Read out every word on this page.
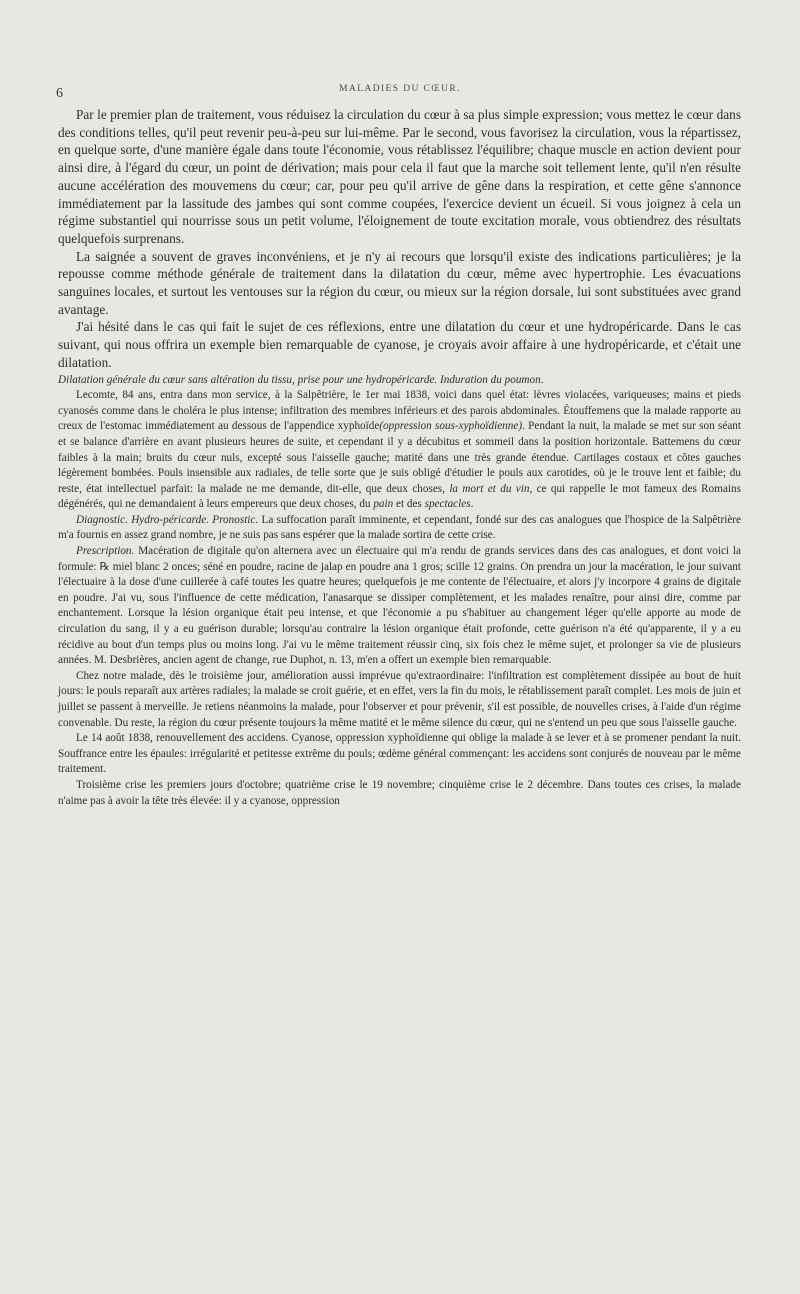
6	MALADIES DU CŒUR.

Par le premier plan de traitement, vous réduisez la circulation du cœur à sa plus simple expression; vous mettez le cœur dans des conditions telles, qu'il peut revenir peu-à-peu sur lui-même. Par le second, vous favorisez la circulation, vous la répartissez, en quelque sorte, d'une manière égale dans toute l'économie, vous rétablissez l'équilibre; chaque muscle en action devient pour ainsi dire, à l'égard du cœur, un point de dérivation; mais pour cela il faut que la marche soit tellement lente, qu'il n'en résulte aucune accélération des mouvemens du cœur; car, pour peu qu'il arrive de gêne dans la respiration, et cette gêne s'annonce immédiatement par la lassitude des jambes qui sont comme coupées, l'exercice devient un écueil. Si vous joignez à cela un régime substantiel qui nourrisse sous un petit volume, l'éloignement de toute excitation morale, vous obtiendrez des résultats quelquefois surprenans.

La saignée a souvent de graves inconvéniens, et je n'y ai recours que lorsqu'il existe des indications particulières; je la repousse comme méthode générale de traitement dans la dilatation du cœur, même avec hypertrophie. Les évacuations sanguines locales, et surtout les ventouses sur la région du cœur, ou mieux sur la région dorsale, lui sont substituées avec grand avantage.

J'ai hésité dans le cas qui fait le sujet de ces réflexions, entre une dilatation du cœur et une hydropéricarde. Dans le cas suivant, qui nous offrira un exemple bien remarquable de cyanose, je croyais avoir affaire à une hydropéricarde, et c'était une dilatation.

Dilatation générale du cœur sans altération du tissu, prise pour une hydropéricarde. Induration du poumon.

Lecomte, 84 ans, entra dans mon service, à la Salpêtrière, le 1er mai 1838, voici dans quel état: lèvres violacées, variqueuses; mains et pieds cyanosés comme dans le choléra le plus intense; infiltration des membres inférieurs et des parois abdominales. Étouffemens que la malade rapporte au creux de l'estomac immédiatement au dessous de l'appendice xyphoïde(oppression sous-xyphoïdienne). Pendant la nuit, la malade se met sur son séant et se balance d'arrière en avant plusieurs heures de suite, et cependant il y a décubitus et sommeil dans la position horizontale. Battemens du cœur faibles à la main; bruits du cœur nuls, excepté sous l'aisselle gauche; matité dans une très grande étendue. Cartilages costaux et côtes gauches légèrement bombées. Pouls insensible aux radiales, de telle sorte que je suis obligé d'étudier le pouls aux carotides, où je le trouve lent et faible; du reste, état intellectuel parfait: la malade ne me demande, dit-elle, que deux choses, la mort et du vin, ce qui rappelle le mot fameux des Romains dégénérés, qui ne demandaient à leurs empereurs que deux choses, du pain et des spectacles.

Diagnostic. Hydro-péricarde. Pronostic. La suffocation paraît imminente, et cependant, fondé sur des cas analogues que l'hospice de la Salpêtrière m'a fournis en assez grand nombre, je ne suis pas sans espérer que la malade sortira de cette crise.

Prescription. Macération de digitale qu'on alternera avec un électuaire qui m'a rendu de grands services dans des cas analogues, et dont voici la formule: ℞ miel blanc 2 onces; séné en poudre, racine de jalap en poudre ana 1 gros; scille 12 grains. On prendra un jour la macération, le jour suivant l'électuaire à la dose d'une cuillerée à café toutes les quatre heures; quelquefois je me contente de l'électuaire, et alors j'y incorpore 4 grains de digitale en poudre. J'ai vu, sous l'influence de cette médication, l'anasarque se dissiper complètement, et les malades renaître, pour ainsi dire, comme par enchantement. Lorsque la lésion organique était peu intense, et que l'économie a pu s'habituer au changement léger qu'elle apporte au mode de circulation du sang, il y a eu guérison durable; lorsqu'au contraire la lésion organique était profonde, cette guérison n'a été qu'apparente, il y a eu récidive au bout d'un temps plus ou moins long. J'ai vu le même traitement réussir cinq, six fois chez le même sujet, et prolonger sa vie de plusieurs années. M. Desbrières, ancien agent de change, rue Duphot, n. 13, m'en a offert un exemple bien remarquable.

Chez notre malade, dès le troisième jour, amélioration aussi imprévue qu'extraordinaire: l'infiltration est complètement dissipée au bout de huit jours: le pouls reparaît aux artères radiales; la malade se croit guérie, et en effet, vers la fin du mois, le rétablissement paraît complet. Les mois de juin et juillet se passent à merveille. Je retiens néanmoins la malade, pour l'observer et pour prévenir, s'il est possible, de nouvelles crises, à l'aide d'un régime convenable. Du reste, la région du cœur présente toujours la même matité et le même silence du cœur, qui ne s'entend un peu que sous l'aisselle gauche.

Le 14 août 1838, renouvellement des accidens. Cyanose, oppression xyphoïdienne qui oblige la malade à se lever et à se promener pendant la nuit. Souffrance entre les épaules: irrégularité et petitesse extrême du pouls; œdème général commençant: les accidens sont conjurés de nouveau par le même traitement.

Troisième crise les premiers jours d'octobre; quatrième crise le 19 novembre; cinquième crise le 2 décembre. Dans toutes ces crises, la malade n'aime pas à avoir la tête très élevée: il y a cyanose, oppression
